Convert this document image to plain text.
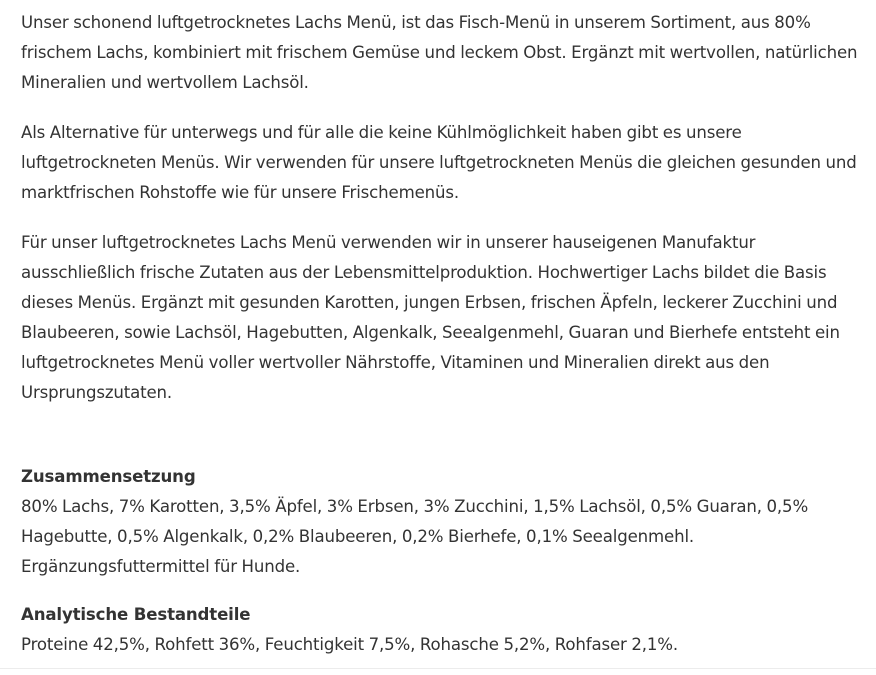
Unser schonend luftgetrocknetes Lachs Menü, ist das Fisch-Menü in unserem Sortiment, aus 80% frischem Lachs, kombiniert mit frischem Gemüse und leckem Obst. Ergänzt mit wertvollen, natürlichen Mineralien und wertvollem Lachsöl.

Als Alternative für unterwegs und für alle die keine Kühlmöglichkeit haben gibt es unsere luftgetrockneten Menüs. Wir verwenden für unsere luftgetrockneten Menüs die gleichen gesunden und marktfrischen Rohstoffe wie für unsere Frischemenüs.

Für unser luftgetrocknetes Lachs Menü verwenden wir in unserer hauseigenen Manufaktur ausschließlich frische Zutaten aus der Lebensmittelproduktion. Hochwertiger Lachs bildet die Basis dieses Menüs. Ergänzt mit gesunden Karotten, jungen Erbsen, frischen Äpfeln, leckerer Zucchini und Blaubeeren, sowie Lachsöl, Hagebutten, Algenkalk, Seealgenmehl, Guaran und Bierhefe entsteht ein luftgetrocknetes Menü voller wertvoller Nährstoffe, Vitaminen und Mineralien direkt aus den Ursprungszutaten.

Zusammensetzung

80% Lachs, 7% Karotten, 3,5% Äpfel, 3% Erbsen, 3% Zucchini, 1,5% Lachsöl, 0,5% Guaran, 0,5% Hagebutte, 0,5% Algenkalk, 0,2% Blaubeeren, 0,2% Bierhefe, 0,1% Seealgenmehl. Ergänzungsfuttermittel für Hunde.

Analytische Bestandteile

Proteine 42,5%, Rohfett 36%, Feuchtigkeit 7,5%, Rohasche 5,2%, Rohfaser 2,1%.
